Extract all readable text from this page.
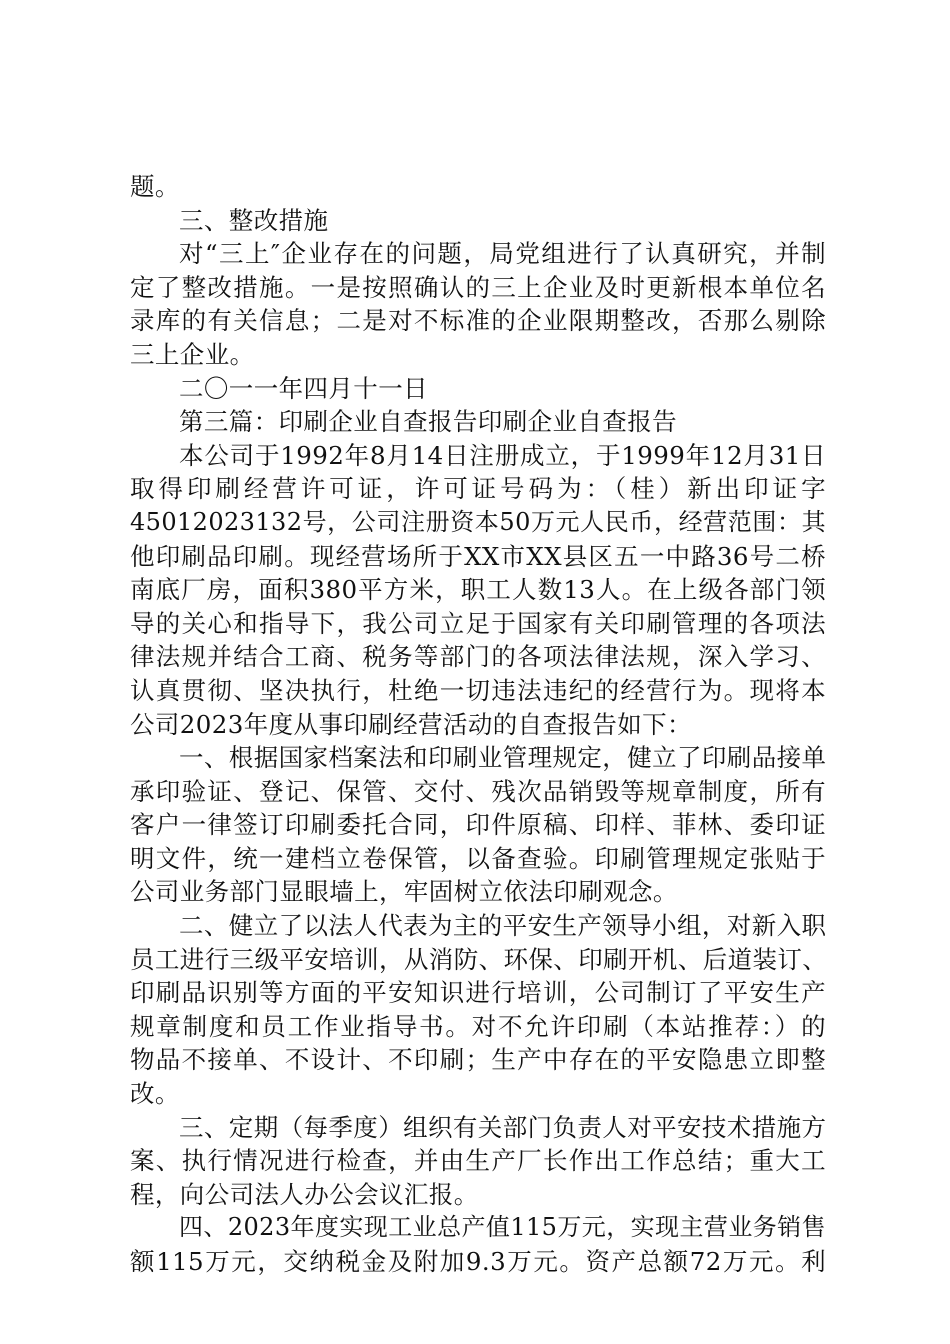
题。
三、整改措施
对“三上″企业存在的问题，局党组进行了认真研究，并制
定了整改措施。一是按照确认的三上企业及时更新根本单位名
录库的有关信息；二是对不标准的企业限期整改，否那么剔除
三上企业。
二〇一一年四月十一日
第三篇：印刷企业自查报告印刷企业自查报告
本公司于1992年8月14日注册成立，于1999年12月31日
取得印刷经营许可证，许可证号码为：（桂）新出印证字
45012023132号，公司注册资本50万元人民币，经营范围：其
他印刷品印刷。现经营场所于XX市XX县区五一中路36号二桥
南底厂房，面积380平方米，职工人数13人。在上级各部门领
导的关心和指导下，我公司立足于国家有关印刷管理的各项法
律法规并结合工商、税务等部门的各项法律法规，深入学习、
认真贯彻、坚决执行，杜绝一切违法违纪的经营行为。现将本
公司2023年度从事印刷经营活动的自查报告如下：
一、根据国家档案法和印刷业管理规定，健立了印刷品接单
承印验证、登记、保管、交付、残次品销毁等规章制度，所有
客户一律签订印刷委托合同，印件原稿、印样、菲林、委印证
明文件，统一建档立卷保管，以备查验。印刷管理规定张贴于
公司业务部门显眼墙上，牢固树立依法印刷观念。
二、健立了以法人代表为主的平安生产领导小组，对新入职
员工进行三级平安培训，从消防、环保、印刷开机、后道装订、
印刷品识别等方面的平安知识进行培训，公司制订了平安生产
规章制度和员工作业指导书。对不允许印刷（本站推荐：）的
物品不接单、不设计、不印刷；生产中存在的平安隐患立即整
改。
三、定期（每季度）组织有关部门负责人对平安技术措施方
案、执行情况进行检查，并由生产厂长作出工作总结；重大工
程，向公司法人办公会议汇报。
四、2023年度实现工业总产值115万元，实现主营业务销售
额115万元，交纳税金及附加9.3万元。资产总额72万元。利
